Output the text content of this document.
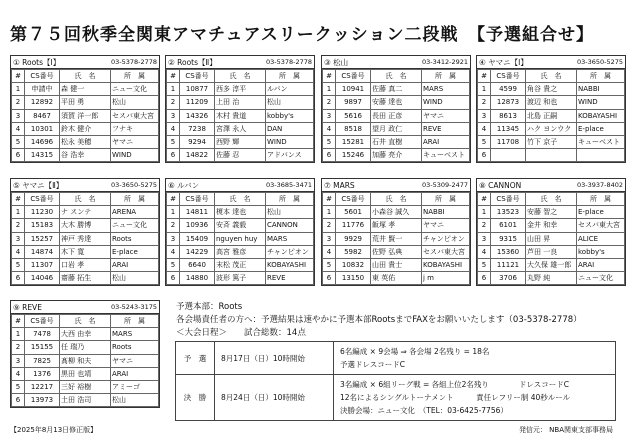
第７５回秋季全関東アマチュアスリークッション二段戦　【予選組合せ】
① Roots【Ⅰ】	03-5378-2778
#	CS番号	氏　名	所　属
1	申請中	森 健一	ニュー文化
2	12892	平田 勇	松山
3	8467	須賀 洋一郎	セスバ東大宮
4	10301	鈴木 健介	フナキ
5	14696	松永 美穂	ヤマニ
6	14315	谷 浩幸	WIND
② Roots【Ⅱ】	03-5378-2778
#	CS番号	氏　名	所　属
1	10877	西多 淳平	ルバン
2	11209	上田 治	松山
3	14326	木村 貴道	kobby's
4	7238	宮澤 永人	DAN
5	9294	西野 輝	WIND
6	14822	佐藤 忍	アドバンス
③ 松山	03-3412-2921
#	CS番号	氏　名	所　属
1	10941	佐藤 真二	MARS
2	9897	安藤 達也	WIND
3	5616	長田 正彦	ヤマニ
4	8518	望月 政仁	REVE
5	15281	石井 直樹	ARAI
6	15246	加藤 亮介	キューベスト
④ ヤマニ【Ⅰ】	03-3650-5275
#	CS番号	氏　名	所　属
1	4599	角谷 貴之	NABBI
2	12873	渡辺 和也	WIND
3	8613	北島 正嗣	KOBAYASHI
4	11345	ハク ヨンウク	E-place
5	11708	竹下 京子	キューベスト
6			
⑤ ヤマニ【Ⅱ】	03-3650-5275
#	CS番号	氏　名	所　属
1	11230	ナ スンテ	ARENA
2	15183	大木 勝博	ニュー文化
3	15257	神戸 秀達	Roots
4	14874	木下 寛	E-place
5	11307	口岩 孝	ARAI
6	14046	齋藤 拓生	松山
⑥ ルバン	03-3685-3471
#	CS番号	氏　名	所　属
1	14811	榎本 達也	松山
2	10936	安斉 義毅	CANNON
3	15409	nguyen huy	MARS
4	14229	高宮 雅彦	チャンピオン
5	6640	末松 茂正	KOBAYASHI
6	14880	波形 篤子	REVE
⑦ MARS	03-5309-2477
#	CS番号	氏　名	所　属
1	5601	小森谷 誠久	NABBI
2	11776	飯塚 孝	ヤマニ
3	9929	荒井 賢一	チャンピオン
4	5982	佐野 弘典	セスバ東大宮
5	10832	山田 貴士	KOBAYASHI
6	13150	東 英佑	j m
⑧ CANNON	03-3937-8402
#	CS番号	氏　名	所　属
1	13523	安藤 智之	E-place
2	6101	金井 和幸	セスバ東大宮
3	9315	山田 昇	ALICE
4	15360	芦田 一良	kobby's
5	11121	大久保 雄一郎	ARAI
6	3706	丸野 純	ニュー文化
⑨ REVE	03-5243-3175
#	CS番号	氏　名	所　属
1	7478	大西 由幸	MARS
2	15155	任 瑞乃	Roots
3	7825	髙柳 和夫	ヤマニ
4	1376	黒田 也靖	ARAI
5	12217	三好 裕樹	アミーゴ
6	13973	土田 浩司	松山
予選本部：Roots
各会場責任者の方へ：予選結果は速やかに予選本部RootsまでFAXをお願いいたします（03-5378-2778）
＜大会日程＞　　試合総数：14点
予　選	8月17日（日）10時開始
6名編成 × 9会場 ⇒ 各会場 2名残り = 18名
予選ドレスコードC
決　勝	8月24日（日）10時開始
3名編成 × 6組リーグ戦 = 各組上位2名残り　　　　ドレスコードC
12名によるシングルトーナメント　　　責任レフリー制 40秒ルール
決勝会場：ニュー文化　（TEL：03-6425-7756）
【2025年8月13日修正版】	発信元： NBA関東支部事務局
